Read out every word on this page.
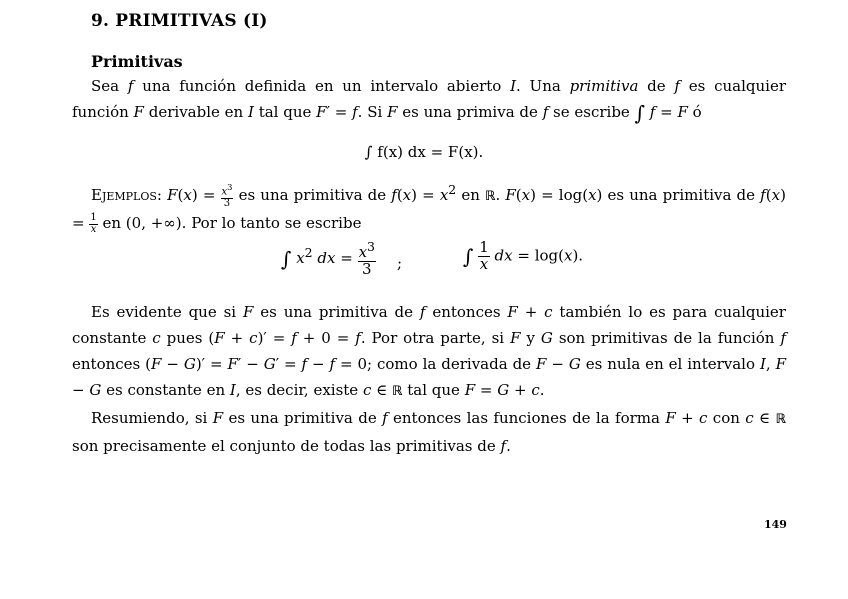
9. PRIMITIVAS (I)
Primitivas
Sea f una función definida en un intervalo abierto I. Una primitiva de f es cualquier función F derivable en I tal que F′ = f. Si F es una primiva de f se escribe ∫ f = F ó
∫ f(x) dx = F(x).
Ejemplos: $F(x) = \frac{x^3}{3}$ es una primitiva de $f(x) = x^2$ en ℝ. F(x) = log(x) es una primitiva de $f(x) = \frac{1}{x}$ en (0, +∞). Por lo tanto se escribe
∫ $x^2$ dx = $\frac{x^3}{3}$ ;	∫ $\frac{1}{x}$ dx = log(x).
Es evidente que si F es una primitiva de f entonces F + c también lo es para cualquier constante c pues (F + c)′ = f + 0 = f. Por otra parte, si F y G son primitivas de la función f entonces (F − G)′ = F′ − G′ = f − f = 0; como la derivada de F − G es nula en el intervalo I, F − G es constante en I, es decir, existe c ∈ ℝ tal que F = G + c.
Resumiendo, si F es una primitiva de f entonces las funciones de la forma F + c con c ∈ ℝ son precisamente el conjunto de todas las primitivas de f.
149
